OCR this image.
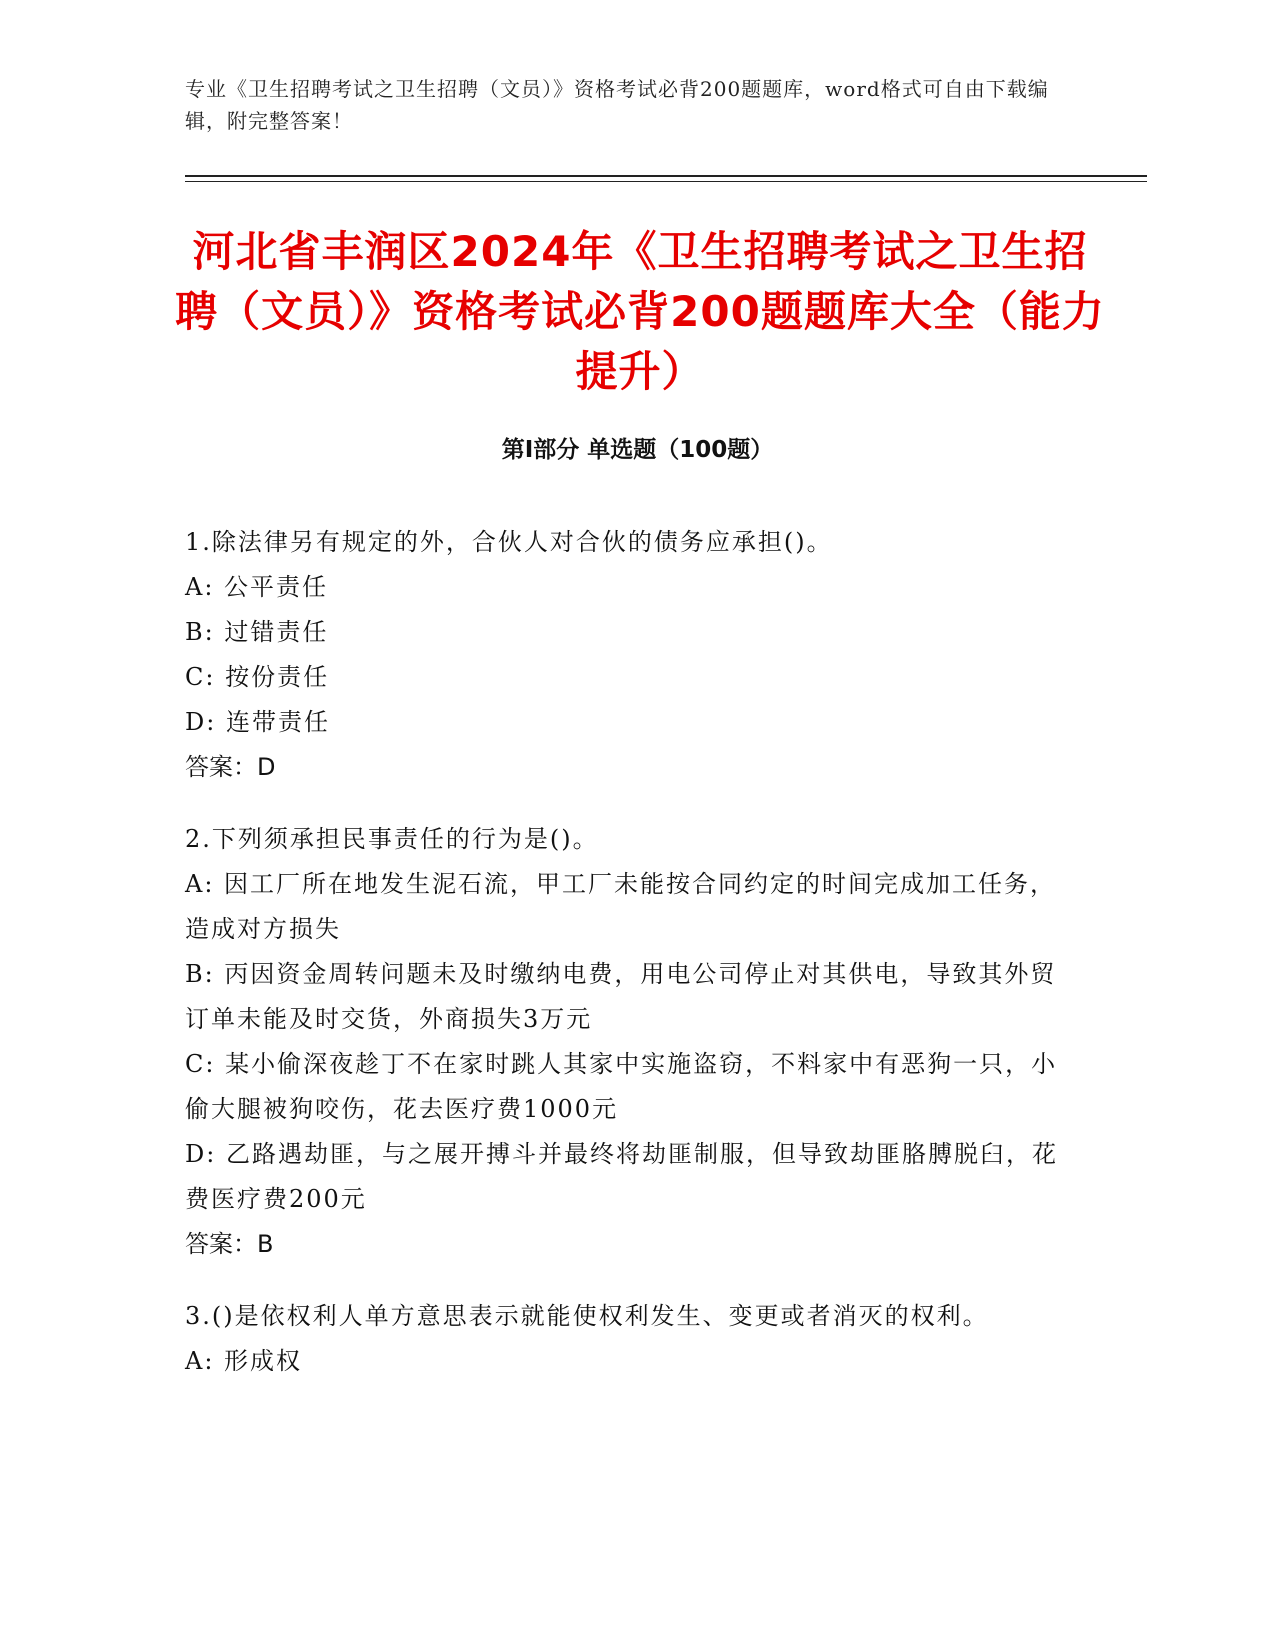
专业《卫生招聘考试之卫生招聘（文员）》资格考试必背200题题库，word格式可自由下载编辑，附完整答案！
河北省丰润区2024年《卫生招聘考试之卫生招聘（文员）》资格考试必背200题题库大全（能力提升）
第I部分 单选题（100题）
1.除法律另有规定的外，合伙人对合伙的债务应承担()。
A: 公平责任
B: 过错责任
C: 按份责任
D: 连带责任
答案：D
2.下列须承担民事责任的行为是()。
A: 因工厂所在地发生泥石流，甲工厂未能按合同约定的时间完成加工任务，造成对方损失
B: 丙因资金周转问题未及时缴纳电费，用电公司停止对其供电，导致其外贸订单未能及时交货，外商损失3万元
C: 某小偷深夜趁丁不在家时跳人其家中实施盗窃，不料家中有恶狗一只，小偷大腿被狗咬伤，花去医疗费1000元
D: 乙路遇劫匪，与之展开搏斗并最终将劫匪制服，但导致劫匪胳膊脱臼，花费医疗费200元
答案：B
3.()是依权利人单方意思表示就能使权利发生、变更或者消灭的权利。
A: 形成权
